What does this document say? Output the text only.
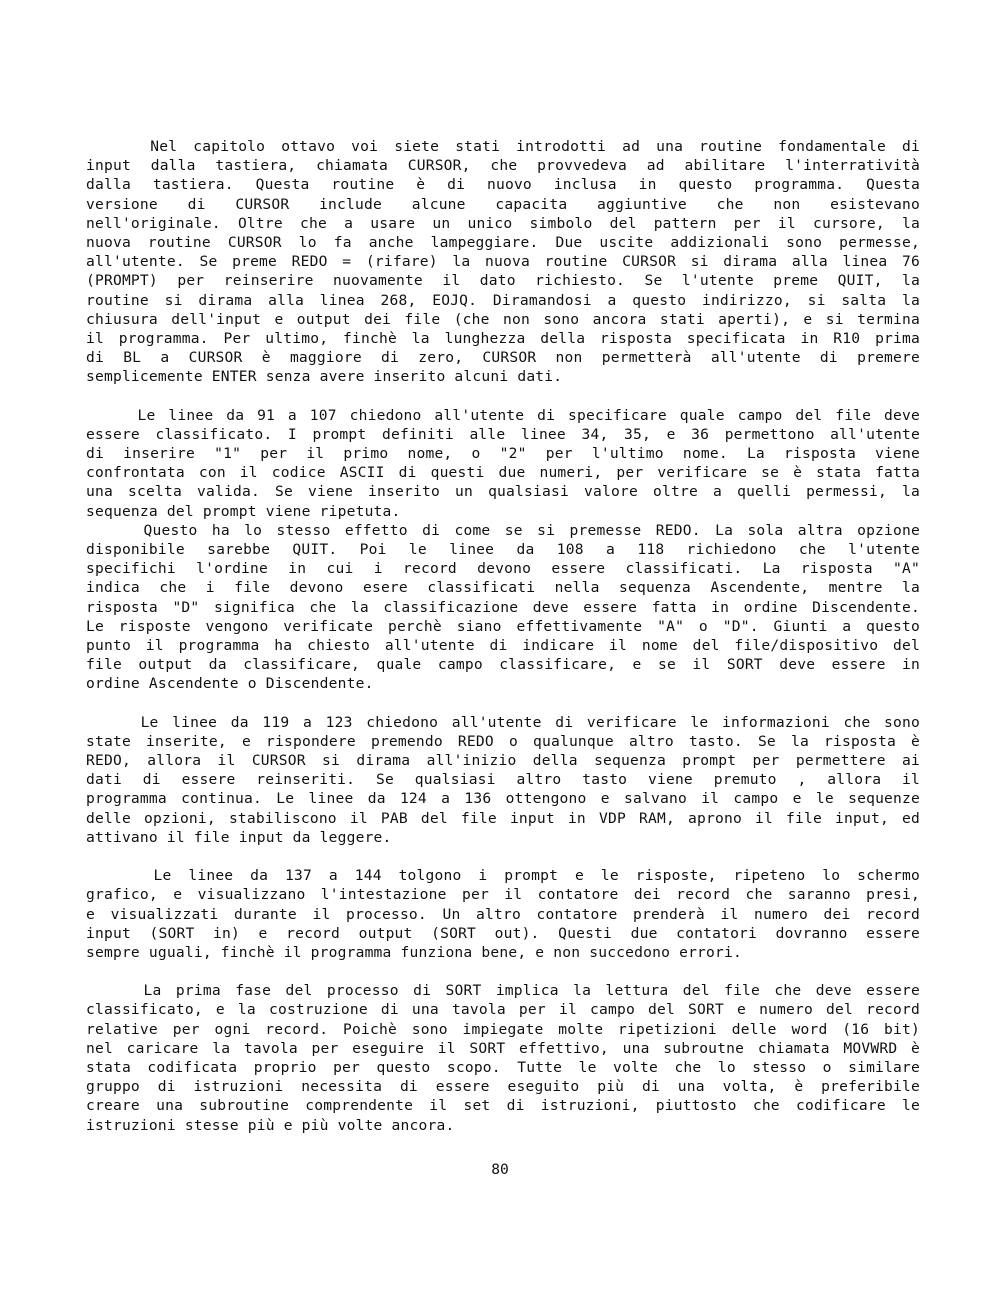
Nel capitolo ottavo voi siete stati introdotti ad una routine fondamentale di
input dalla tastiera, chiamata CURSOR, che provvedeva ad abilitare l'interratività
dalla tastiera. Questa routine è di nuovo inclusa in questo programma. Questa
versione di CURSOR include alcune capacita aggiuntive che non esistevano
nell'originale. Oltre che a usare un unico simbolo del pattern per il cursore, la
nuova routine CURSOR lo fa anche lampeggiare. Due uscite addizionali sono permesse,
all'utente. Se preme REDO = (rifare) la nuova routine CURSOR si dirama alla linea 76
(PROMPT) per reinserire nuovamente il dato richiesto. Se l'utente preme QUIT, la
routine si dirama alla linea 268, EOJQ. Diramandosi a questo indirizzo, si salta la
chiusura dell'input e output dei file (che non sono ancora stati aperti), e si termina
il programma. Per ultimo, finchè la lunghezza della risposta specificata in R10 prima
di BL a CURSOR è maggiore di zero, CURSOR non permetterà all'utente di premere
semplicemente ENTER senza avere inserito alcuni dati.
Le linee da 91 a 107 chiedono all'utente di specificare quale campo del file deve
essere classificato. I prompt definiti alle linee 34, 35, e 36 permettono all'utente
di inserire "1" per il primo nome, o "2" per l'ultimo nome. La risposta viene
confrontata con il codice ASCII di questi due numeri, per verificare se è stata fatta
una scelta valida. Se viene inserito un qualsiasi valore oltre a quelli permessi, la
sequenza del prompt viene ripetuta.
Questo ha lo stesso effetto di come se si premesse REDO. La sola altra opzione
disponibile sarebbe QUIT. Poi le linee da 108 a 118 richiedono che l'utente
specifichi l'ordine in cui i record devono essere classificati. La risposta "A"
indica che i file devono esere classificati nella sequenza Ascendente, mentre la
risposta "D" significa che la classificazione deve essere fatta in ordine Discendente.
Le risposte vengono verificate perchè siano effettivamente "A" o "D". Giunti a questo
punto il programma ha chiesto all'utente di indicare il nome del file/dispositivo del
file output da classificare, quale campo classificare, e se il SORT deve essere in
ordine Ascendente o Discendente.
Le linee da 119 a 123 chiedono all'utente di verificare le informazioni che sono
state inserite, e rispondere premendo REDO o qualunque altro tasto. Se la risposta è
REDO, allora il CURSOR si dirama all'inizio della sequenza prompt per permettere ai
dati di essere reinseriti. Se qualsiasi altro tasto viene premuto , allora il
programma continua. Le linee da 124 a 136 ottengono e salvano il campo e le sequenze
delle opzioni, stabiliscono il PAB del file input in VDP RAM, aprono il file input, ed
attivano il file input da leggere.
Le linee da 137 a 144 tolgono i prompt e le risposte, ripeteno lo schermo
grafico, e visualizzano l'intestazione per il contatore dei record che saranno presi,
e visualizzati durante il processo. Un altro contatore prenderà il numero dei record
input (SORT in) e record output (SORT out). Questi due contatori dovranno essere
sempre uguali, finchè il programma funziona bene, e non succedono errori.
La prima fase del processo di SORT implica la lettura del file che deve essere
classificato, e la costruzione di una tavola per il campo del SORT e numero del record
relative per ogni record. Poichè sono impiegate molte ripetizioni delle word (16 bit)
nel caricare la tavola per eseguire il SORT effettivo, una subroutne chiamata MOVWRD è
stata codificata proprio per questo scopo. Tutte le volte che lo stesso o similare
gruppo di istruzioni necessita di essere eseguito più di una volta, è preferibile
creare una subroutine comprendente il set di istruzioni, piuttosto che codificare le
istruzioni stesse più e più volte ancora.
80
